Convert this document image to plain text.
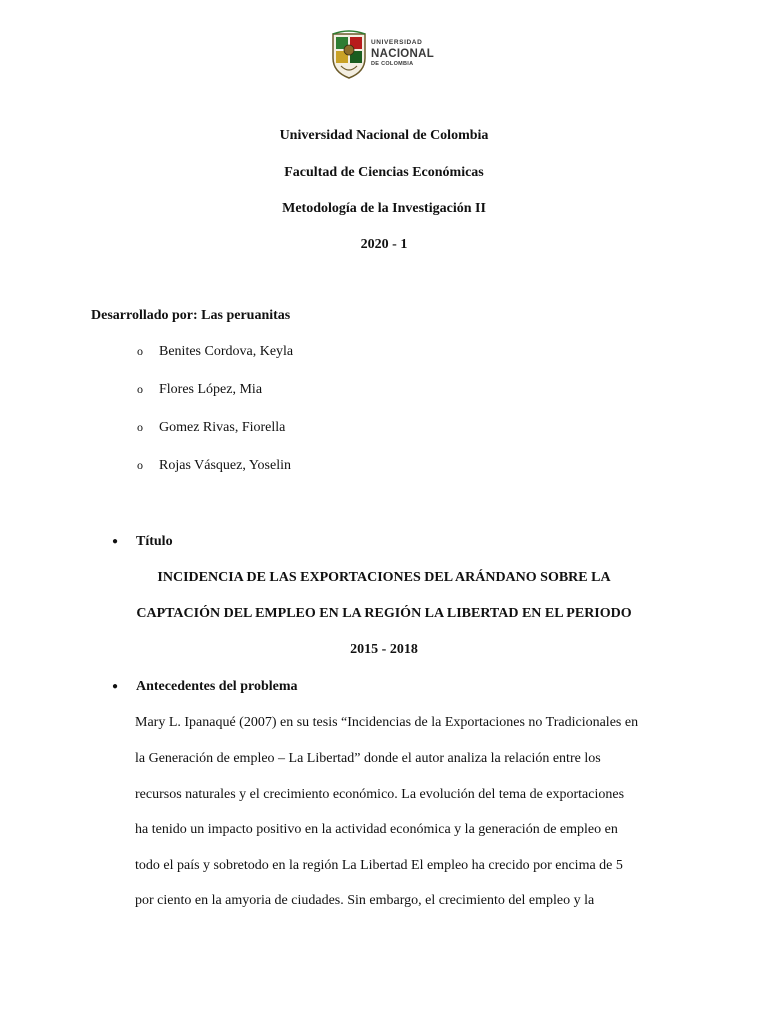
UNIVERSIDAD
NACIONAL
DE COLOMBIA
Universidad Nacional de Colombia
Facultad de Ciencias Económicas
Metodología de la Investigación II
2020 - 1
Desarrollado por: Las peruanitas
o Benites Cordova, Keyla
o Flores López, Mia
o Gomez Rivas, Fiorella
o Rojas Vásquez, Yoselin
● Título
INCIDENCIA DE LAS EXPORTACIONES DEL ARÁNDANO SOBRE LA
CAPTACIÓN DEL EMPLEO EN LA REGIÓN LA LIBERTAD EN EL PERIODO
2015 - 2018
● Antecedentes del problema
Mary L. Ipanaqué (2007) en su tesis “Incidencias de la Exportaciones no Tradicionales en
la Generación de empleo – La Libertad” donde el autor analiza la relación entre los
recursos naturales y el crecimiento económico. La evolución del tema de exportaciones
ha tenido un impacto positivo en la actividad económica y la generación de empleo en
todo el país y sobretodo en la región La Libertad El empleo ha crecido por encima de 5
por ciento en la amyoria de ciudades. Sin embargo, el crecimiento del empleo y la
